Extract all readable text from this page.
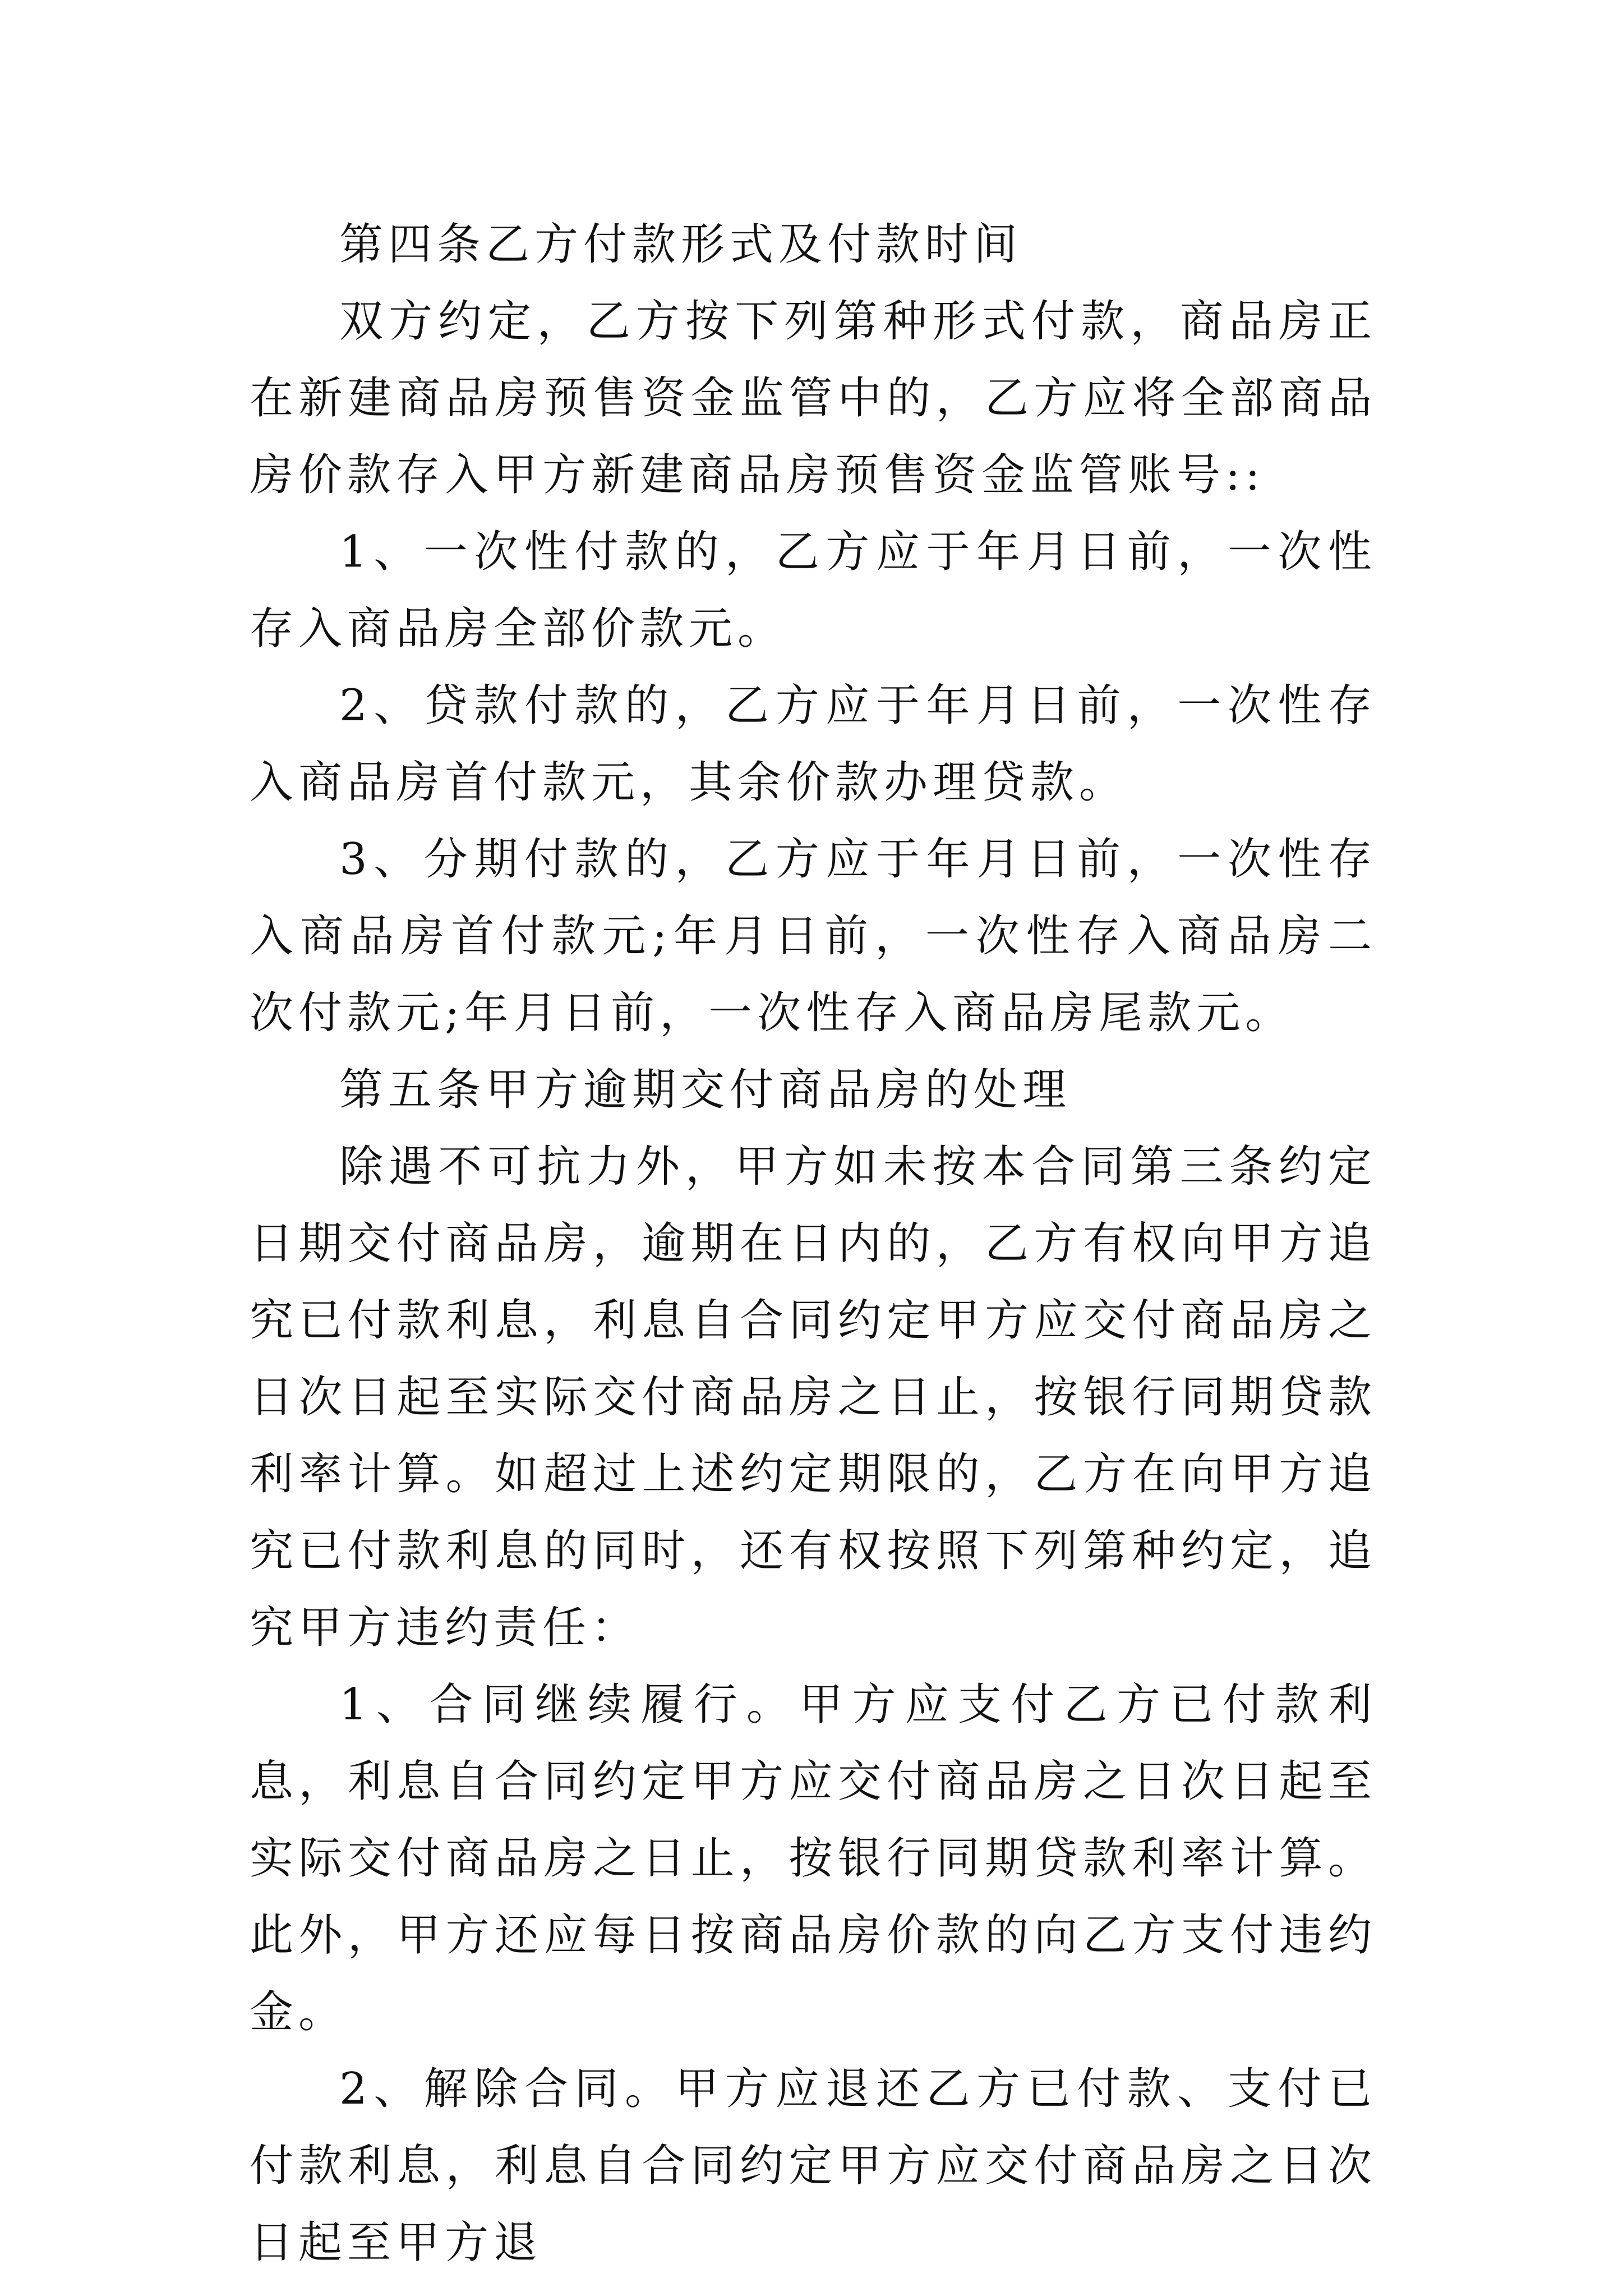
第四条乙方付款形式及付款时间

双方约定，乙方按下列第种形式付款，商品房正在新建商品房预售资金监管中的，乙方应将全部商品房价款存入甲方新建商品房预售资金监管账号::

1、一次性付款的，乙方应于年月日前，一次性存入商品房全部价款元。

2、贷款付款的，乙方应于年月日前，一次性存入商品房首付款元，其余价款办理贷款。

3、分期付款的，乙方应于年月日前，一次性存入商品房首付款元;年月日前，一次性存入商品房二次付款元;年月日前，一次性存入商品房尾款元。

第五条甲方逾期交付商品房的处理

除遇不可抗力外，甲方如未按本合同第三条约定日期交付商品房，逾期在日内的，乙方有权向甲方追究已付款利息，利息自合同约定甲方应交付商品房之日次日起至实际交付商品房之日止，按银行同期贷款利率计算。如超过上述约定期限的，乙方在向甲方追究已付款利息的同时，还有权按照下列第种约定，追究甲方违约责任：

1、合同继续履行。甲方应支付乙方已付款利息，利息自合同约定甲方应交付商品房之日次日起至实际交付商品房之日止，按银行同期贷款利率计算。此外，甲方还应每日按商品房价款的向乙方支付违约金。

2、解除合同。甲方应退还乙方已付款、支付已付款利息，利息自合同约定甲方应交付商品房之日次日起至甲方退
